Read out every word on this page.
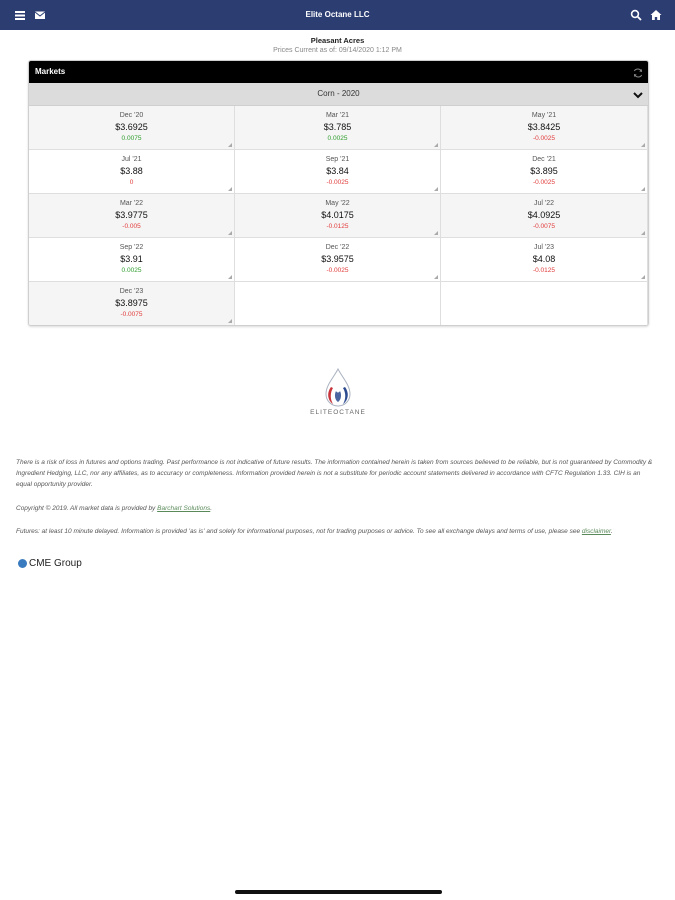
Elite Octane LLC
Pleasant Acres
Prices Current as of: 09/14/2020 1:12 PM
Markets
Corn - 2020
Dec '20
$3.6925
0.0075
Mar '21
$3.785
0.0025
May '21
$3.8425
-0.0025
Jul '21
$3.88
0
Sep '21
$3.84
-0.0025
Dec '21
$3.895
-0.0025
Mar '22
$3.9775
-0.005
May '22
$4.0175
-0.0125
Jul '22
$4.0925
-0.0075
Sep '22
$3.91
0.0025
Dec '22
$3.9575
-0.0025
Jul '23
$4.08
-0.0125
Dec '23
$3.8975
-0.0075
ELITEOCTANE
There is a risk of loss in futures and options trading. Past performance is not indicative of future results. The information contained herein is taken from sources believed to be reliable, but is not guaranteed by Commodity & Ingredient Hedging, LLC, nor any affiliates, as to accuracy or completeness. Information provided herein is not a substitute for periodic account statements delivered in accordance with CFTC Regulation 1.33. CIH is an equal opportunity provider.
Copyright © 2019. All market data is provided by Barchart Solutions.
Futures: at least 10 minute delayed. Information is provided 'as is' and solely for informational purposes, not for trading purposes or advice. To see all exchange delays and terms of use, please see disclaimer.
CME Group
